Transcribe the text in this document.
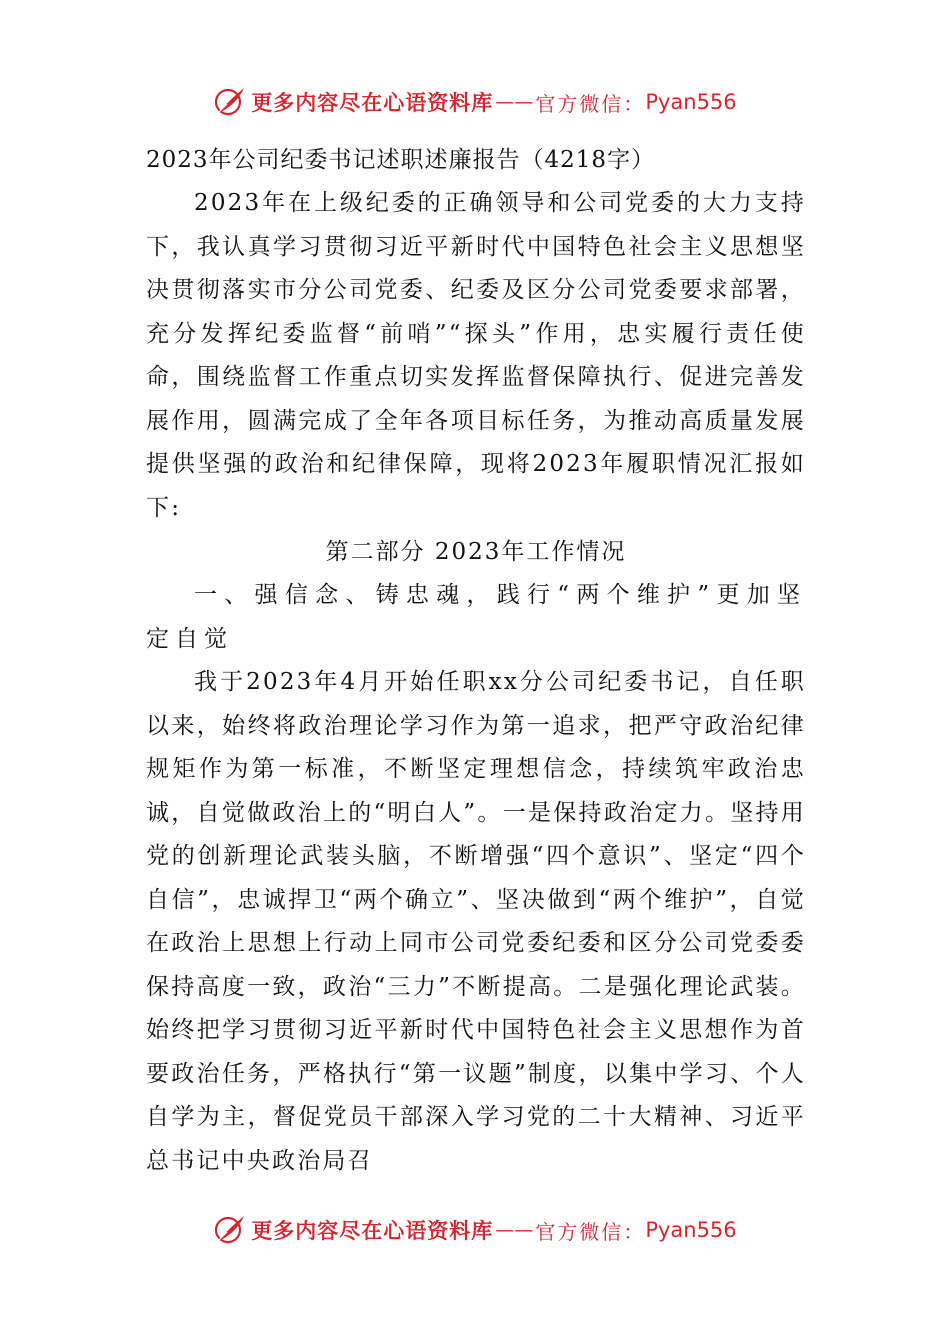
更多内容尽在心语资料库 —— 官方微信： Pyan556
2023年公司纪委书记述职述廉报告（4218字）

2023年在上级纪委的正确领导和公司党委的大力支持下，我认真学习贯彻习近平新时代中国特色社会主义思想坚决贯彻落实市分公司党委、纪委及区分公司党委要求部署，充分发挥纪委监督“前哨”“探头”作用，忠实履行责任使命，围绕监督工作重点切实发挥监督保障执行、促进完善发展作用，圆满完成了全年各项目标任务，为推动高质量发展提供坚强的政治和纪律保障，现将2023年履职情况汇报如下:

第二部分 2023年工作情况

一、强信念、铸忠魂，践行“两个维护”更加坚定自觉

我于2023年4月开始任职xx分公司纪委书记，自任职以来，始终将政治理论学习作为第一追求，把严守政治纪律规矩作为第一标准，不断坚定理想信念，持续筑牢政治忠诚，自觉做政治上的“明白人”。一是保持政治定力。坚持用党的创新理论武装头脑，不断增强“四个意识”、坚定“四个自信”，忠诚捍卫“两个确立”、坚决做到“两个维护”，自觉在政治上思想上行动上同市公司党委纪委和区分公司党委委保持高度一致，政治“三力”不断提高。二是强化理论武装。始终把学习贯彻习近平新时代中国特色社会主义思想作为首要政治任务，严格执行“第一议题”制度，以集中学习、个人自学为主，督促党员干部深入学习党的二十大精神、习近平总书记中央政治局召

更多内容尽在心语资料库 —— 官方微信： Pyan556
